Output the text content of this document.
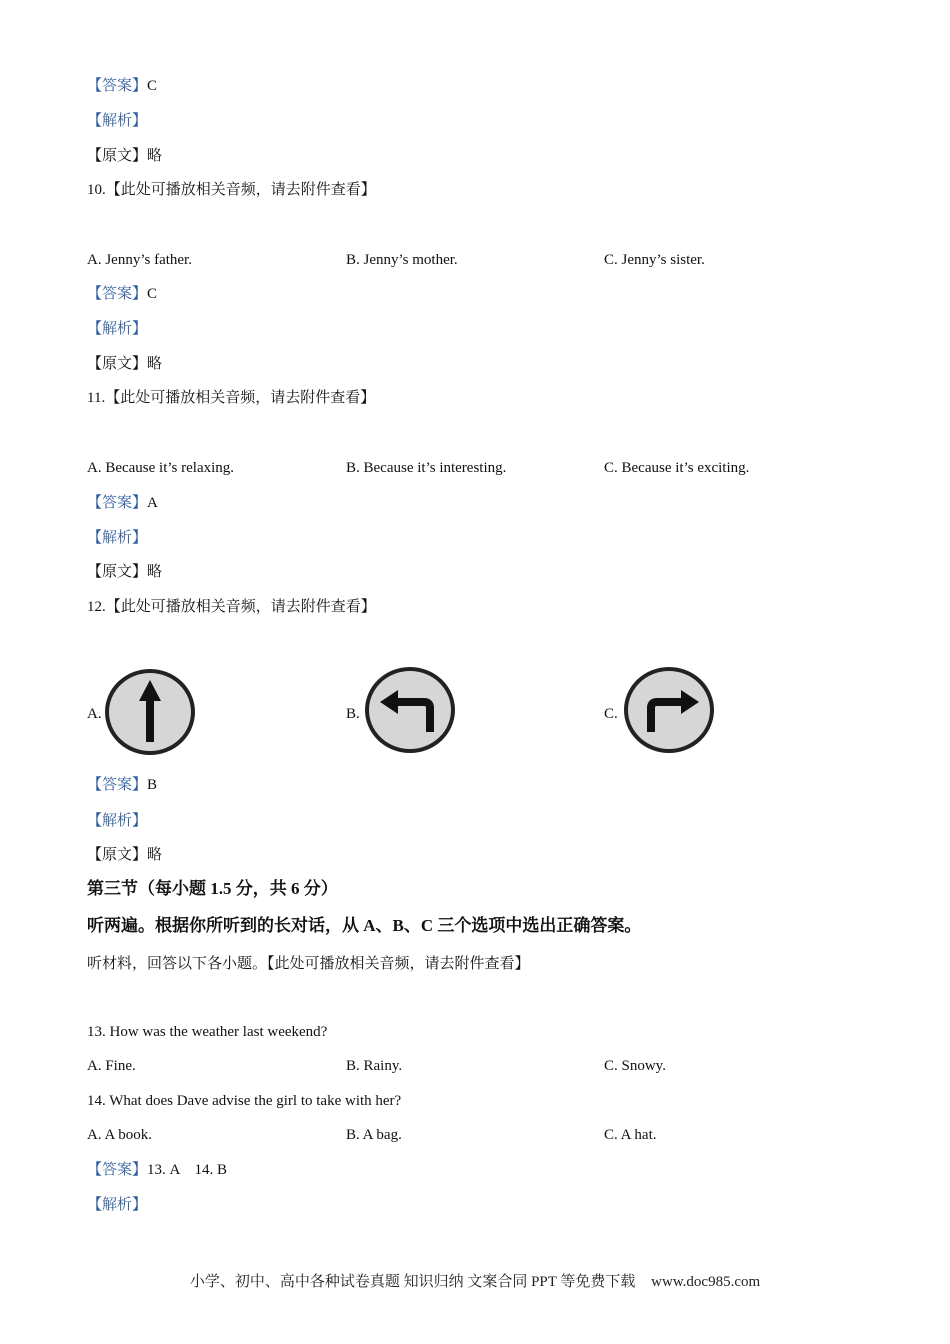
【答案】C
【解析】
【原文】略
10.【此处可播放相关音频，请去附件查看】
A. Jenny’s father.	B. Jenny’s mother.	C. Jenny’s sister.
【答案】C
【解析】
【原文】略
11.【此处可播放相关音频，请去附件查看】
A. Because it’s relaxing.	B. Because it’s interesting.	C. Because it’s exciting.
【答案】A
【解析】
【原文】略
12.【此处可播放相关音频，请去附件查看】
A.	B.	C.
【答案】B
【解析】
【原文】略
第三节（每小题 1.5 分，共 6 分）
听两遍。根据你所听到的长对话，从 A、B、C 三个选项中选出正确答案。
听材料，回答以下各小题。【此处可播放相关音频，请去附件查看】
13. How was the weather last weekend?
A. Fine.	B. Rainy.	C. Snowy.
14. What does Dave advise the girl to take with her?
A. A book.	B. A bag.	C. A hat.
【答案】13. A    14. B
【解析】
小学、初中、高中各种试卷真题 知识归纳 文案合同 PPT 等免费下载 www.doc985.com
